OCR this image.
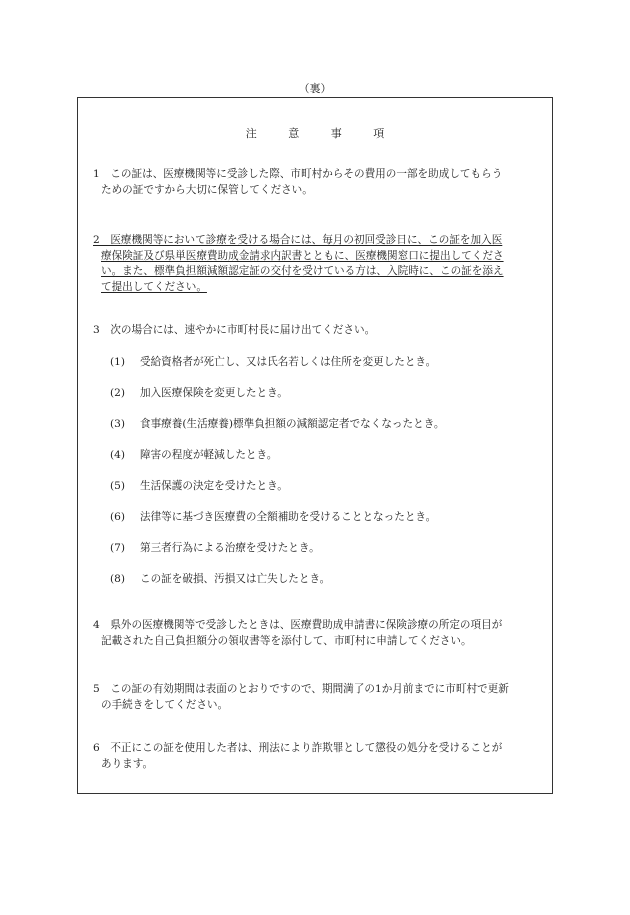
（裏）
注	意	事	項
1　この証は、医療機関等に受診した際、市町村からその費用の一部を助成してもらう
ための証ですから大切に保管してください。
2　医療機関等において診療を受ける場合には、毎月の初回受診日に、この証を加入医
療保険証及び県単医療費助成金請求内訳書とともに、医療機関窓口に提出してくださ
い。また、標準負担額減額認定証の交付を受けている方は、入院時に、この証を添え
て提出してください。
3　次の場合には、速やかに市町村長に届け出てください。
(1) 受給資格者が死亡し、又は氏名若しくは住所を変更したとき。
(2) 加入医療保険を変更したとき。
(3) 食事療養(生活療養)標準負担額の減額認定者でなくなったとき。
(4) 障害の程度が軽減したとき。
(5) 生活保護の決定を受けたとき。
(6) 法律等に基づき医療費の全額補助を受けることとなったとき。
(7) 第三者行為による治療を受けたとき。
(8) この証を破損、汚損又は亡失したとき。
4　県外の医療機関等で受診したときは、医療費助成申請書に保険診療の所定の項目が
記載された自己負担額分の領収書等を添付して、市町村に申請してください。
5　この証の有効期間は表面のとおりですので、期間満了の1か月前までに市町村で更新
の手続きをしてください。
6　不正にこの証を使用した者は、刑法により詐欺罪として懲役の処分を受けることが
あります。
